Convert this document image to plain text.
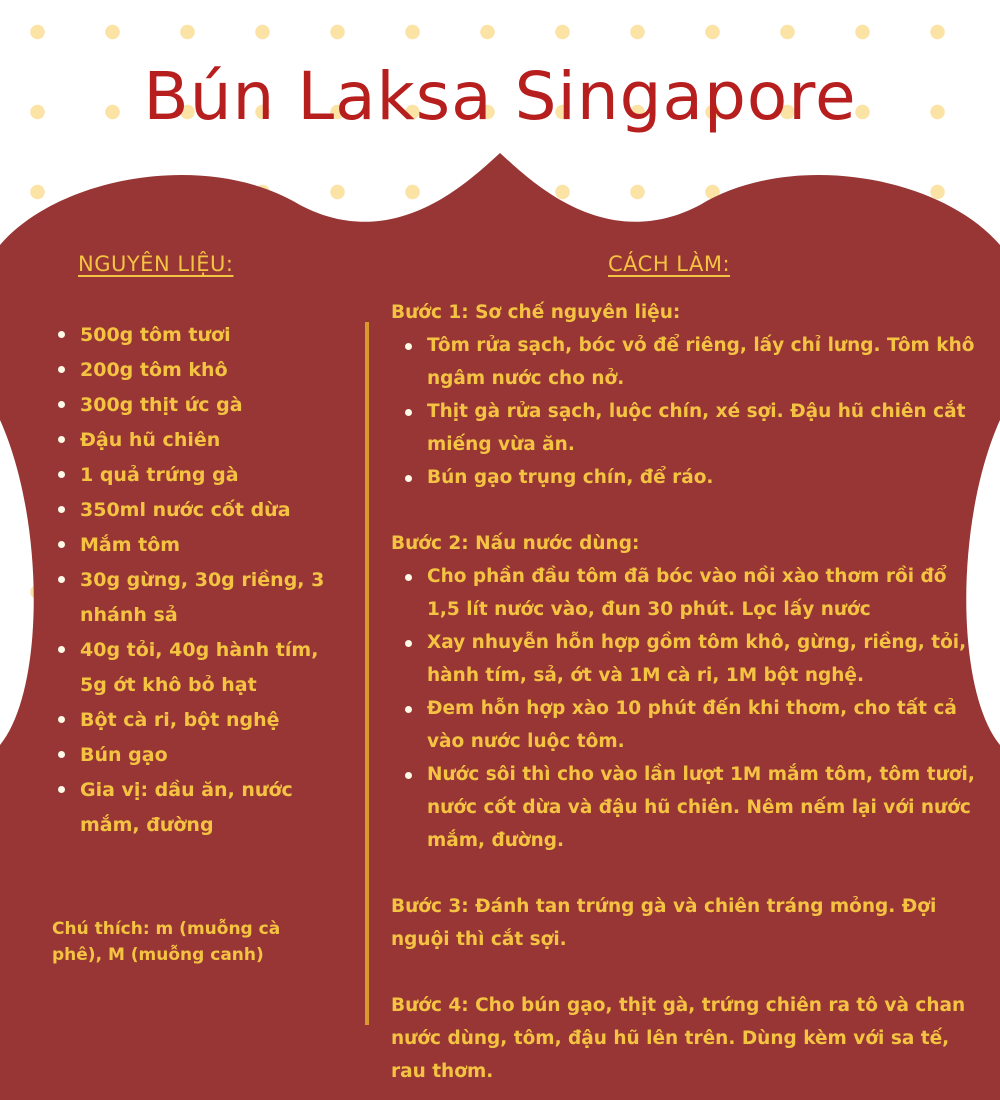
Bún Laksa Singapore
NGUYÊN LIỆU:	CÁCH LÀM:
500g tôm tươi
200g tôm khô
300g thịt ức gà
Đậu hũ chiên
1 quả trứng gà
350ml nước cốt dừa
Mắm tôm
30g gừng, 30g riềng, 3 nhánh sả
40g tỏi, 40g hành tím, 5g ớt khô bỏ hạt
Bột cà ri, bột nghệ
Bún gạo
Gia vị: dầu ăn, nước mắm, đường

Chú thích: m (muỗng cà phê), M (muỗng canh)

Bước 1: Sơ chế nguyên liệu:

Tôm rửa sạch, bóc vỏ để riêng, lấy chỉ lưng. Tôm khô ngâm nước cho nở.
Thịt gà rửa sạch, luộc chín, xé sợi. Đậu hũ chiên cắt miếng vừa ăn.
Bún gạo trụng chín, để ráo.

Bước 2: Nấu nước dùng:

Cho phần đầu tôm đã bóc vào nồi xào thơm rồi đổ 1,5 lít nước vào, đun 30 phút. Lọc lấy nước
Xay nhuyễn hỗn hợp gồm tôm khô, gừng, riềng, tỏi, hành tím, sả, ớt và 1M cà ri, 1M bột nghệ.
Đem hỗn hợp xào 10 phút đến khi thơm, cho tất cả vào nước luộc tôm.
Nước sôi thì cho vào lần lượt 1M mắm tôm, tôm tươi, nước cốt dừa và đậu hũ chiên. Nêm nếm lại với nước mắm, đường.

Bước 3: Đánh tan trứng gà và chiên tráng mỏng. Đợi nguội thì cắt sợi.

Bước 4: Cho bún gạo, thịt gà, trứng chiên ra tô và chan nước dùng, tôm, đậu hũ lên trên. Dùng kèm với sa tế, rau thơm.
